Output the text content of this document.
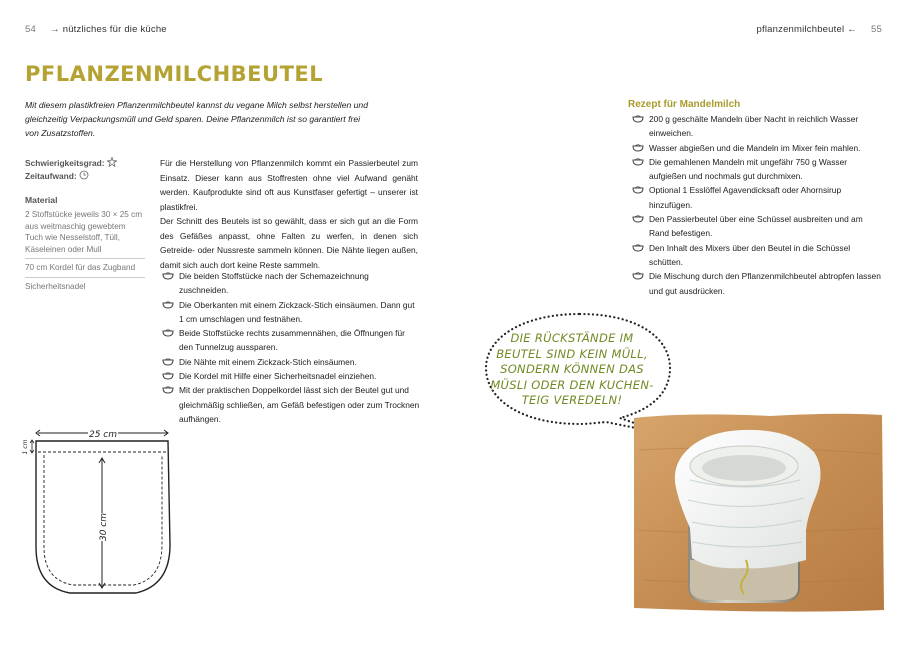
54 → nützliches für die küche	pflanzenmilchbeutel ← 55
PFLANZENMILCHBEUTEL
Mit diesem plastikfreien Pflanzenmilchbeutel kannst du vegane Milch selbst herstellen und gleichzeitig Verpackungsmüll und Geld sparen. Deine Pflanzenmilch ist so garantiert frei von Zusatzstoffen.
Schwierigkeitsgrad:
Zeitaufwand:
Material
2 Stoffstücke jeweils 30 × 25 cm aus weitmaschig gewebtem Tuch wie Nesselstoff, Tüll, Käseleinen oder Mull
70 cm Kordel für das Zugband
Sicherheitsnadel
Für die Herstellung von Pflanzenmilch kommt ein Passierbeutel zum Einsatz. Dieser kann aus Stoffresten ohne viel Aufwand genäht werden. Kaufprodukte sind oft aus Kunstfaser gefertigt – unserer ist plastikfrei.
Der Schnitt des Beutels ist so gewählt, dass er sich gut an die Form des Gefäßes anpasst, ohne Falten zu werfen, in denen sich Getreide- oder Nussreste sammeln können. Die Nähte liegen außen, damit sich auch dort keine Reste sammeln.
Die beiden Stoffstücke nach der Schemazeichnung zuschneiden.
Die Oberkanten mit einem Zickzack-Stich einsäumen. Dann gut 1 cm umschlagen und festnähen.
Beide Stoffstücke rechts zusammennähen, die Öffnungen für den Tunnelzug aussparen.
Die Nähte mit einem Zickzack-Stich einsäumen.
Die Kordel mit Hilfe einer Sicherheitsnadel einziehen.
Mit der praktischen Doppelkordel lässt sich der Beutel gut und gleichmäßig schließen, am Gefäß befestigen oder zum Trocknen aufhängen.
25 cm
30 cm
1 cm
Rezept für Mandelmilch
200 g geschälte Mandeln über Nacht in reichlich Wasser einweichen.
Wasser abgießen und die Mandeln im Mixer fein mahlen.
Die gemahlenen Mandeln mit ungefähr 750 g Wasser aufgießen und nochmals gut durchmixen.
Optional 1 Esslöffel Agavendicksaft oder Ahornsirup hinzufügen.
Den Passierbeutel über eine Schüssel ausbreiten und am Rand befestigen.
Den Inhalt des Mixers über den Beutel in die Schüssel schütten.
Die Mischung durch den Pflanzenmilchbeutel abtropfen lassen und gut ausdrücken.
DIE RÜCKSTÄNDE IM
BEUTEL SIND KEIN MÜLL,
SONDERN KÖNNEN DAS
MÜSLI ODER DEN KUCHEN-
TEIG VEREDELN!
